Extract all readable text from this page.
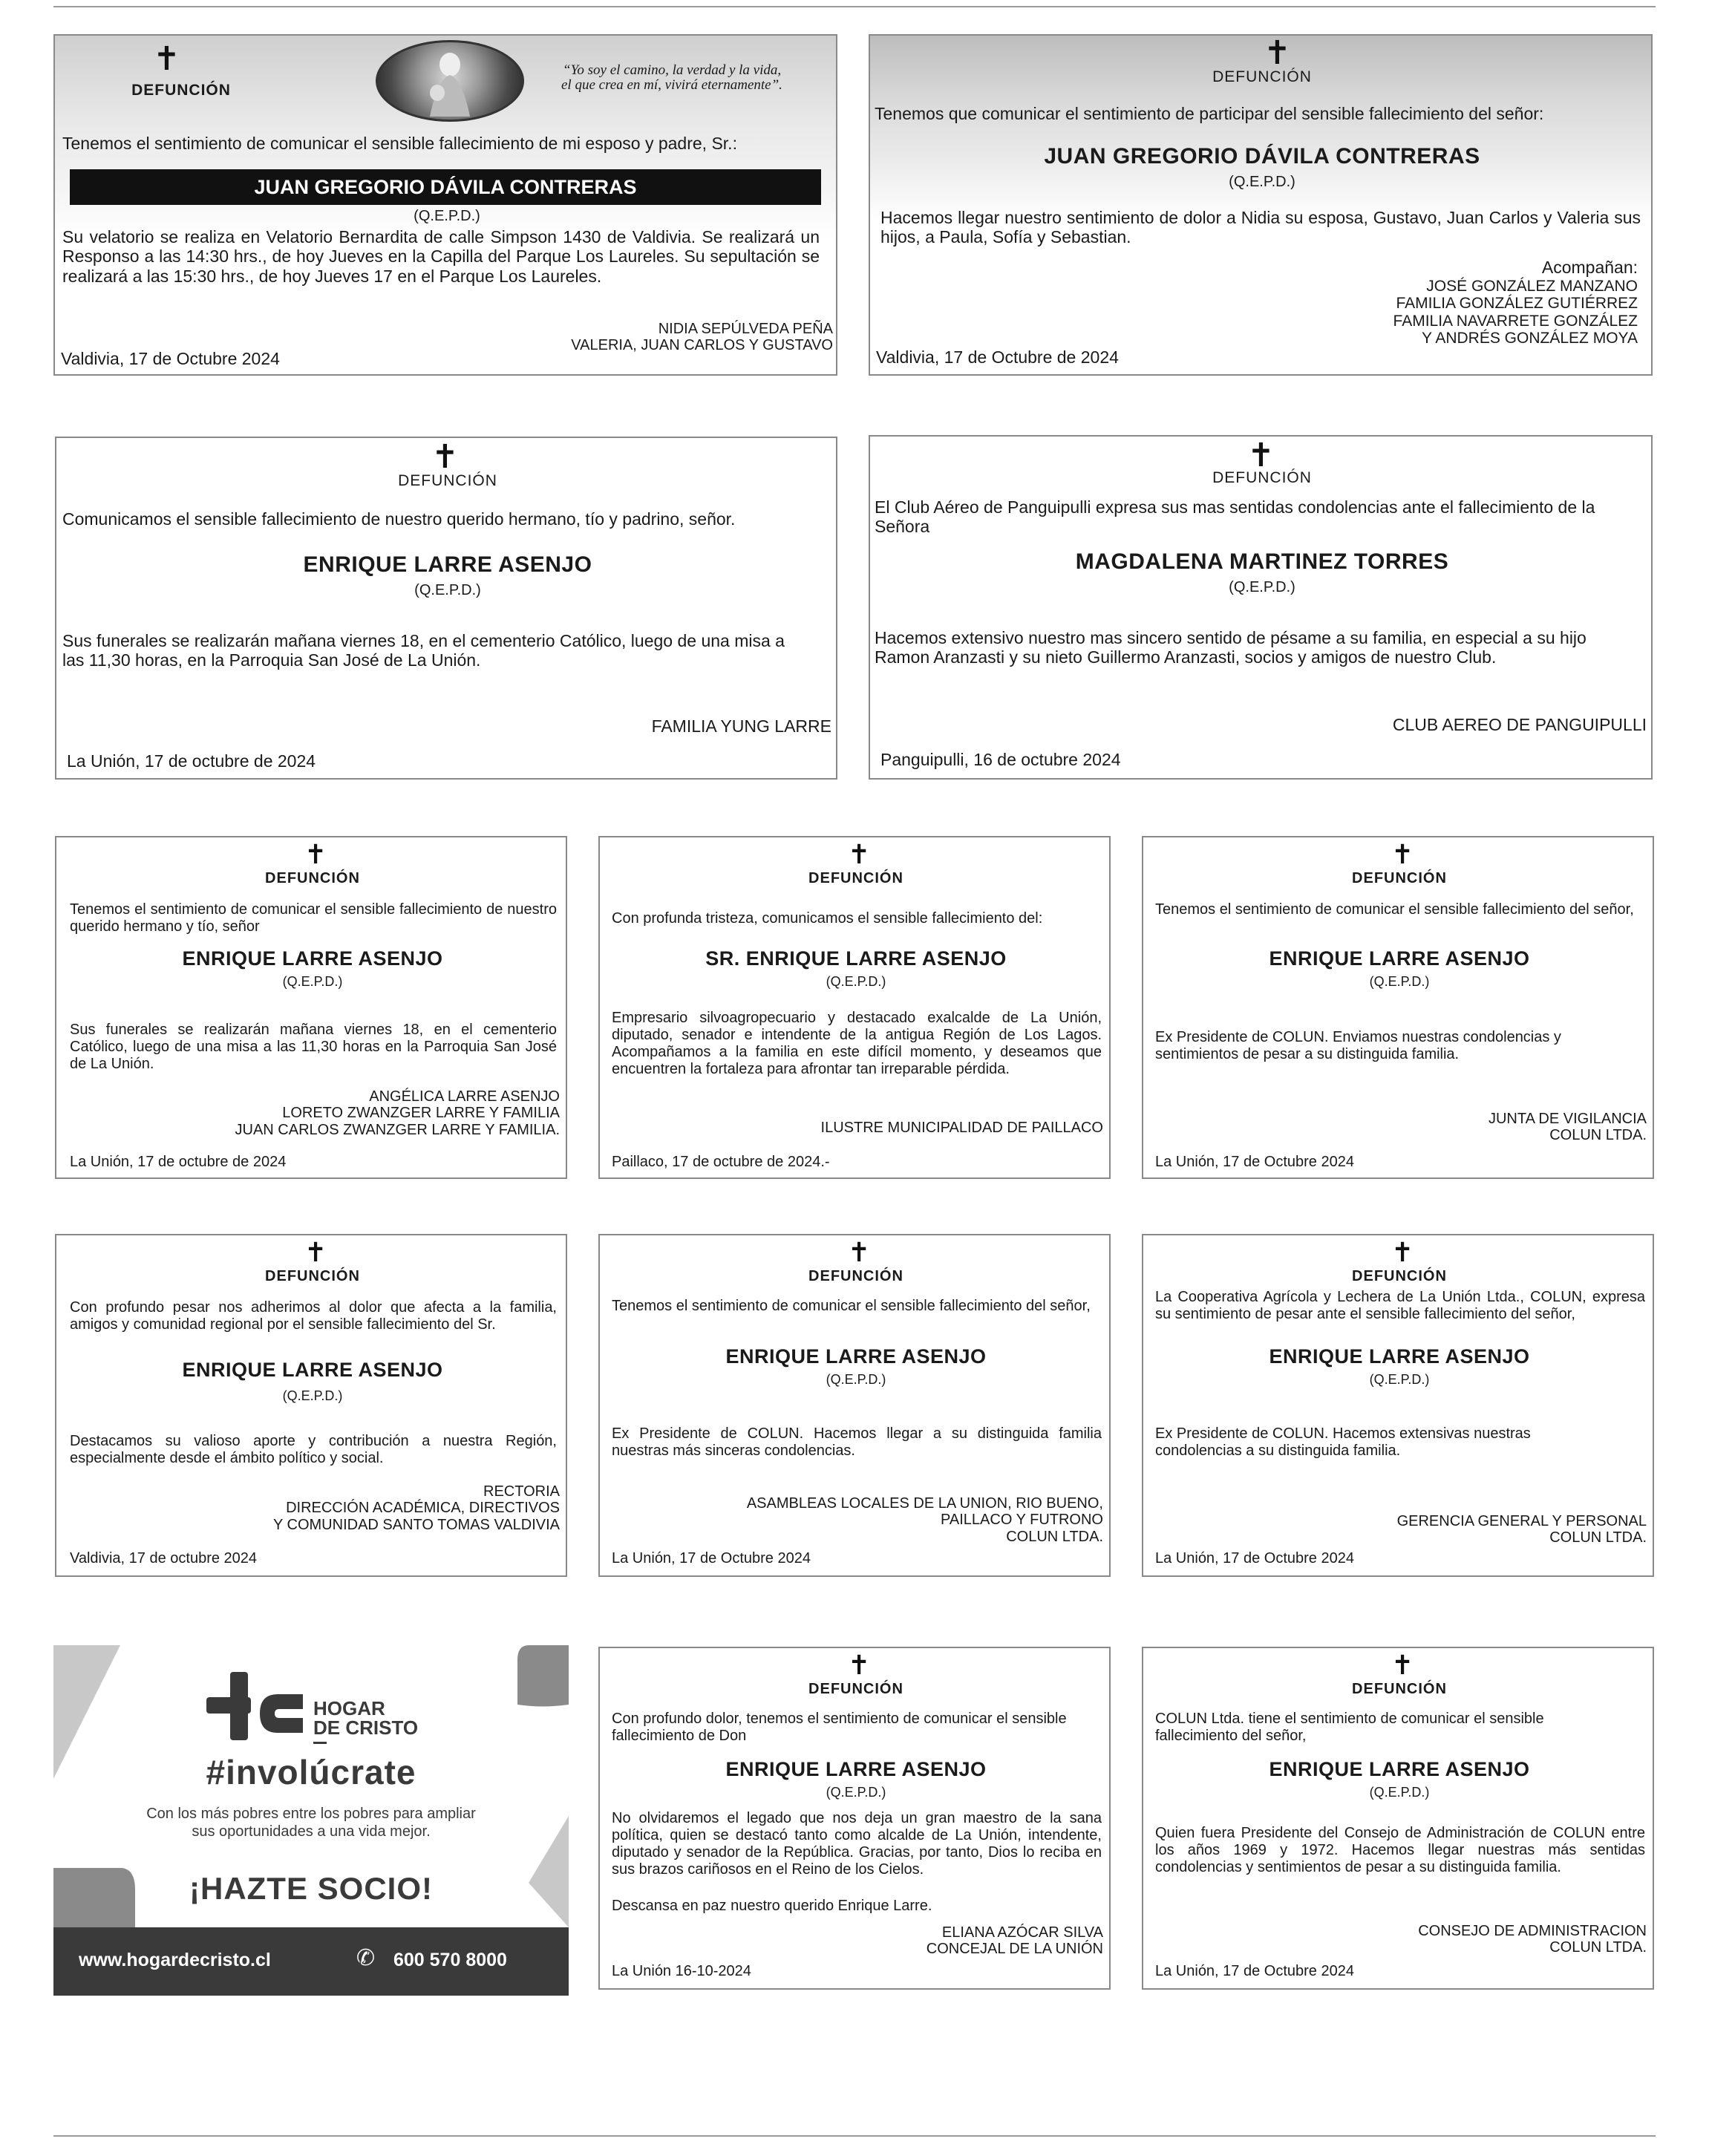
✝
DEFUNCIÓN
“Yo soy el camino, la verdad y la vida,
el que crea en mí, vivirá eternamente”.
Tenemos el sentimiento de comunicar el sensible fallecimiento de mi esposo y padre, Sr.:
JUAN GREGORIO DÁVILA CONTRERAS
(Q.E.P.D.)
Su velatorio se realiza en Velatorio Bernardita de calle Simpson 1430 de Valdivia. Se realizará un Responso a las 14:30 hrs., de hoy Jueves en la Capilla del Parque Los Laureles. Su sepultación se realizará a las 15:30 hrs., de hoy Jueves 17 en el Parque Los Laureles.
NIDIA SEPÚLVEDA PEÑA
VALERIA, JUAN CARLOS Y GUSTAVO
Valdivia, 17 de Octubre 2024
✝
DEFUNCIÓN
Tenemos que comunicar el sentimiento de participar del sensible fallecimiento del señor:
JUAN GREGORIO DÁVILA CONTRERAS
(Q.E.P.D.)
Hacemos llegar nuestro sentimiento de dolor a Nidia su esposa, Gustavo, Juan Carlos y Valeria sus hijos, a Paula, Sofía y Sebastian.
Acompañan:
JOSÉ GONZÁLEZ MANZANO
FAMILIA GONZÁLEZ GUTIÉRREZ
FAMILIA NAVARRETE GONZÁLEZ
Y ANDRÉS GONZÁLEZ MOYA
Valdivia, 17 de Octubre de 2024
✝
DEFUNCIÓN
Comunicamos el sensible fallecimiento de nuestro querido hermano, tío y padrino, señor.
ENRIQUE LARRE ASENJO
(Q.E.P.D.)
Sus funerales se realizarán mañana viernes 18, en el cementerio Católico, luego de una misa a las 11,30 horas, en la Parroquia San José de La Unión.
FAMILIA YUNG LARRE
La Unión, 17 de octubre de 2024
✝
DEFUNCIÓN
El Club Aéreo de Panguipulli expresa sus mas sentidas condolencias ante el fallecimiento de la Señora
MAGDALENA MARTINEZ TORRES
(Q.E.P.D.)
Hacemos extensivo nuestro mas sincero sentido de pésame a su familia, en especial a su hijo Ramon Aranzasti y su nieto Guillermo Aranzasti, socios y amigos de nuestro Club.
CLUB AEREO DE PANGUIPULLI
Panguipulli, 16 de octubre 2024
✝
DEFUNCIÓN
Tenemos el sentimiento de comunicar el sensible fallecimiento de nuestro querido hermano y tío, señor
ENRIQUE LARRE ASENJO
(Q.E.P.D.)
Sus funerales se realizarán mañana viernes 18, en el cementerio Católico, luego de una misa a las 11,30 horas en la Parroquia San José de La Unión.
ANGÉLICA LARRE ASENJO
LORETO ZWANZGER LARRE Y FAMILIA
JUAN CARLOS ZWANZGER LARRE Y FAMILIA.
La Unión, 17 de octubre de 2024
✝
DEFUNCIÓN
Con profunda tristeza, comunicamos el sensible fallecimiento del:
SR. ENRIQUE LARRE ASENJO
(Q.E.P.D.)
Empresario silvoagropecuario y destacado exalcalde de La Unión, diputado, senador e intendente de la antigua Región de Los Lagos. Acompañamos a la familia en este difícil momento, y deseamos que encuentren la fortaleza para afrontar tan irreparable pérdida.
ILUSTRE MUNICIPALIDAD DE PAILLACO
Paillaco, 17 de octubre de 2024.-
✝
DEFUNCIÓN
Tenemos el sentimiento de comunicar el sensible fallecimiento del señor,
ENRIQUE LARRE ASENJO
(Q.E.P.D.)
Ex Presidente de COLUN. Enviamos nuestras condolencias y sentimientos de pesar a su distinguida familia.
JUNTA DE VIGILANCIA
COLUN LTDA.
La Unión, 17 de Octubre 2024
✝
DEFUNCIÓN
Con profundo pesar nos adherimos al dolor que afecta a la familia, amigos y comunidad regional por el sensible fallecimiento del Sr.
ENRIQUE LARRE ASENJO
(Q.E.P.D.)
Destacamos su valioso aporte y contribución a nuestra Región, especialmente desde el ámbito político y social.
RECTORIA
DIRECCIÓN ACADÉMICA, DIRECTIVOS
Y COMUNIDAD SANTO TOMAS VALDIVIA
Valdivia, 17 de octubre 2024
✝
DEFUNCIÓN
Tenemos el sentimiento de comunicar el sensible fallecimiento del señor,
ENRIQUE LARRE ASENJO
(Q.E.P.D.)
Ex Presidente de COLUN. Hacemos llegar a su distinguida familia nuestras más sinceras condolencias.
ASAMBLEAS LOCALES DE LA UNION, RIO BUENO,
PAILLACO Y FUTRONO
COLUN LTDA.
La Unión, 17 de Octubre 2024
✝
DEFUNCIÓN
La Cooperativa Agrícola y Lechera de La Unión Ltda., COLUN, expresa su sentimiento de pesar ante el sensible fallecimiento del señor,
ENRIQUE LARRE ASENJO
(Q.E.P.D.)
Ex Presidente de COLUN. Hacemos extensivas nuestras condolencias a su distinguida familia.
GERENCIA GENERAL Y PERSONAL
COLUN LTDA.
La Unión, 17 de Octubre 2024
HOGAR
DE CRISTO
#involúcrate
Con los más pobres entre los pobres para ampliar
sus oportunidades a una vida mejor.
¡HAZTE SOCIO!
www.hogardecristo.cl	✆ 600 570 8000
✝
DEFUNCIÓN
Con profundo dolor, tenemos el sentimiento de comunicar el sensible fallecimiento de Don
ENRIQUE LARRE ASENJO
(Q.E.P.D.)
No olvidaremos el legado que nos deja un gran maestro de la sana política, quien se destacó tanto como alcalde de La Unión, intendente, diputado y senador de la República. Gracias, por tanto, Dios lo reciba en sus brazos cariñosos en el Reino de los Cielos.
Descansa en paz nuestro querido Enrique Larre.
ELIANA AZÓCAR SILVA
CONCEJAL DE LA UNIÓN
La Unión 16-10-2024
✝
DEFUNCIÓN
COLUN Ltda. tiene el sentimiento de comunicar el sensible fallecimiento del señor,
ENRIQUE LARRE ASENJO
(Q.E.P.D.)
Quien fuera Presidente del Consejo de Administración de COLUN entre los años 1969 y 1972. Hacemos llegar nuestras más sentidas condolencias y sentimientos de pesar a su distinguida familia.
CONSEJO DE ADMINISTRACION
COLUN LTDA.
La Unión, 17 de Octubre 2024
